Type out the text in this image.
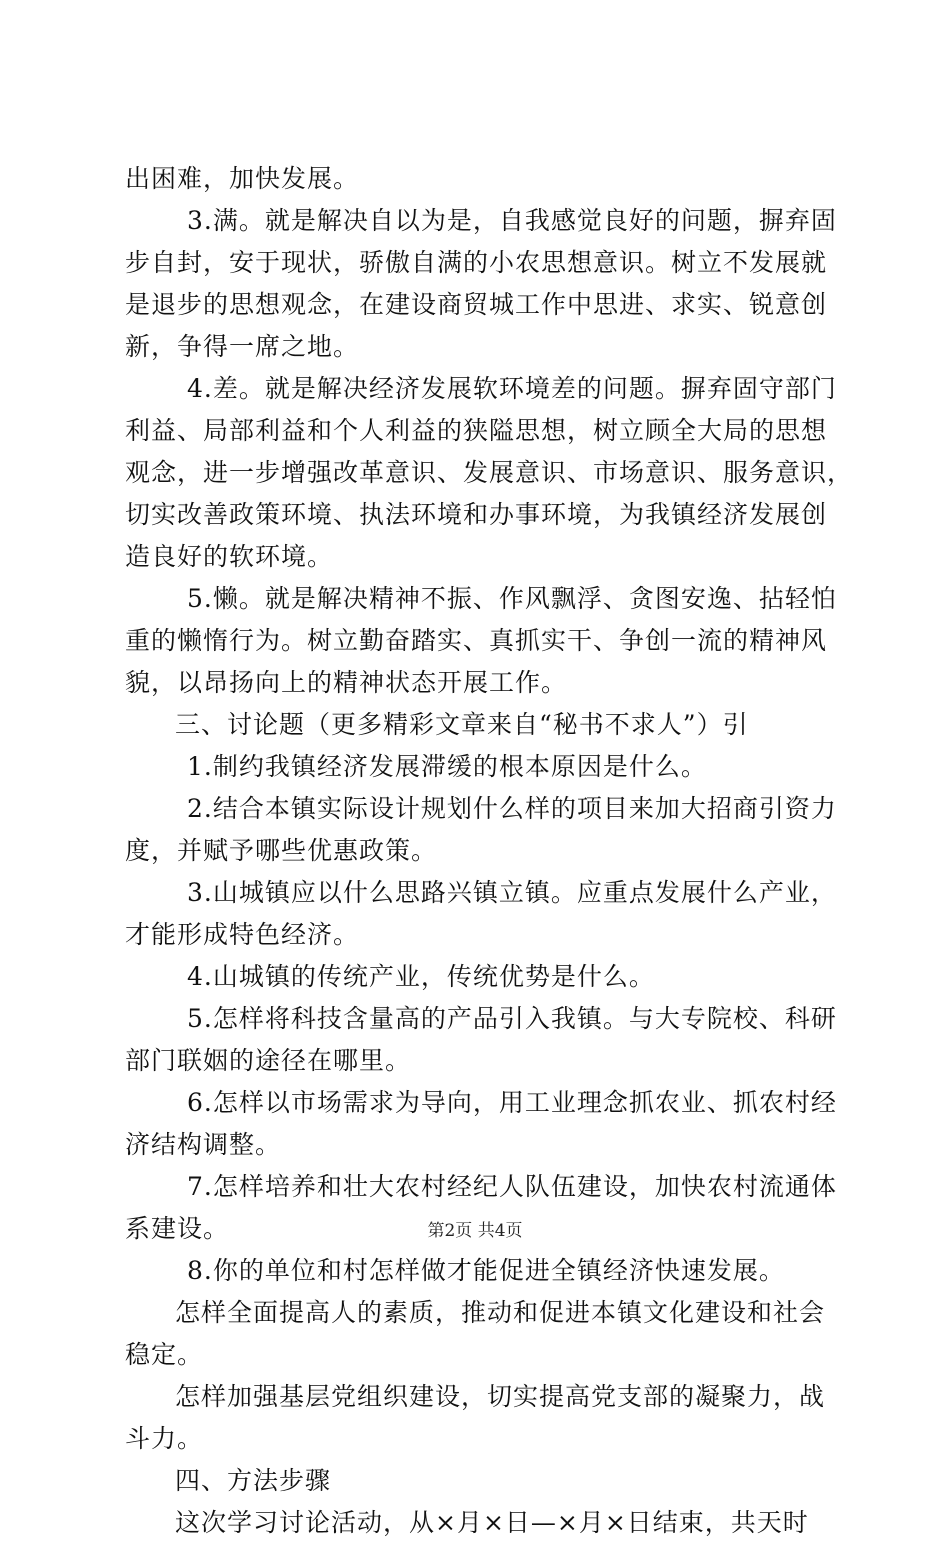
出困难，加快发展。
3.满。就是解决自以为是，自我感觉良好的问题，摒弃固
步自封，安于现状，骄傲自满的小农思想意识。树立不发展就
是退步的思想观念，在建设商贸城工作中思进、求实、锐意创
新，争得一席之地。
4.差。就是解决经济发展软环境差的问题。摒弃固守部门
利益、局部利益和个人利益的狭隘思想，树立顾全大局的思想
观念，进一步增强改革意识、发展意识、市场意识、服务意识，
切实改善政策环境、执法环境和办事环境，为我镇经济发展创
造良好的软环境。
5.懒。就是解决精神不振、作风飘浮、贪图安逸、拈轻怕
重的懒惰行为。树立勤奋踏实、真抓实干、争创一流的精神风
貌，以昂扬向上的精神状态开展工作。
三、讨论题（更多精彩文章来自“秘书不求人”）引
1.制约我镇经济发展滞缓的根本原因是什么。
2.结合本镇实际设计规划什么样的项目来加大招商引资力
度，并赋予哪些优惠政策。
3.山城镇应以什么思路兴镇立镇。应重点发展什么产业，
才能形成特色经济。
4.山城镇的传统产业，传统优势是什么。
5.怎样将科技含量高的产品引入我镇。与大专院校、科研
部门联姻的途径在哪里。
6.怎样以市场需求为导向，用工业理念抓农业、抓农村经
济结构调整。
7.怎样培养和壮大农村经纪人队伍建设，加快农村流通体
系建设。
8.你的单位和村怎样做才能促进全镇经济快速发展。
怎样全面提高人的素质，推动和促进本镇文化建设和社会
稳定。
怎样加强基层党组织建设，切实提高党支部的凝聚力，战
斗力。
四、方法步骤
这次学习讨论活动，从×月×日—×月×日结束，共天时
第2页 共4页
